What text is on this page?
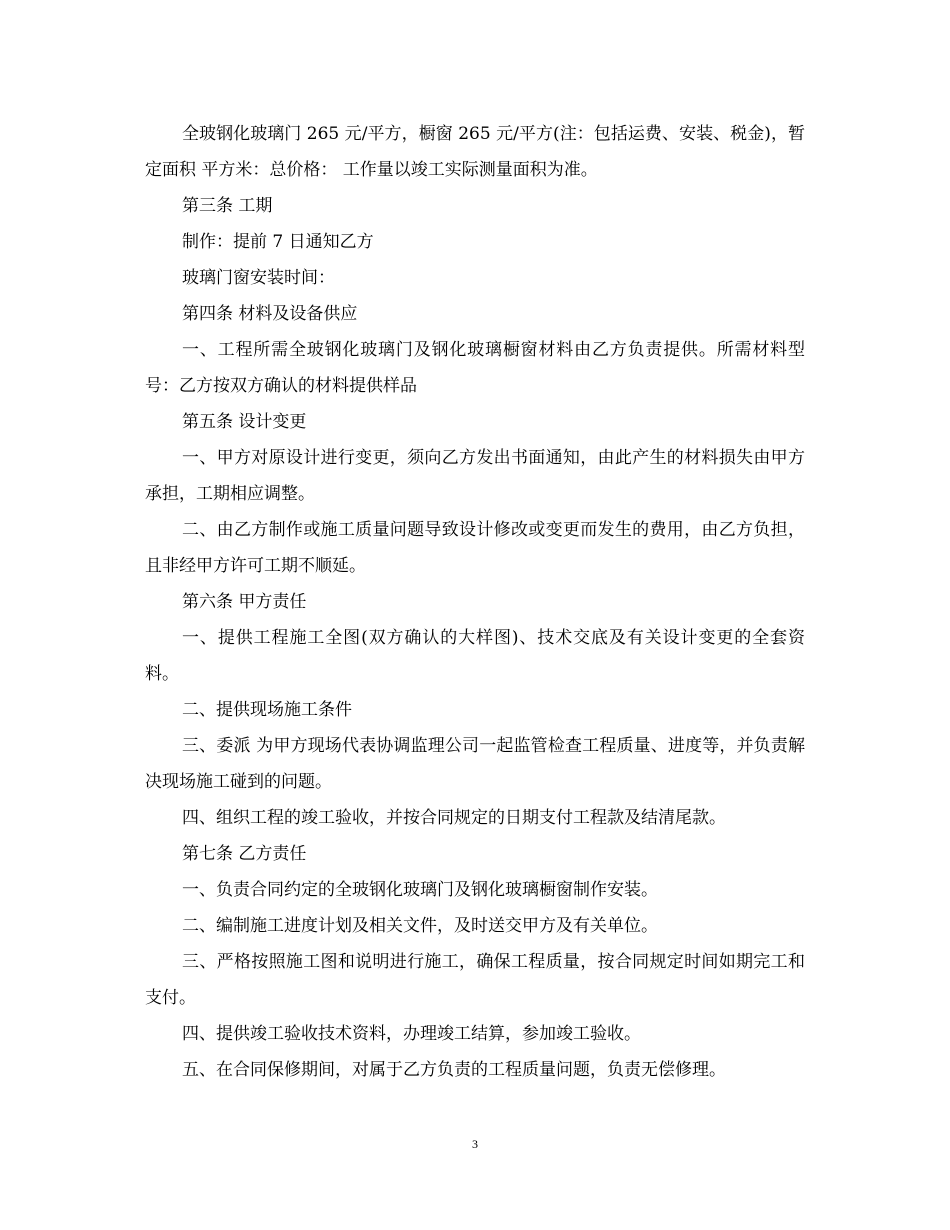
全玻钢化玻璃门 265 元/平方，橱窗 265 元/平方(注：包括运费、安装、税金)，暂定面积 平方米：总价格： 工作量以竣工实际测量面积为准。

第三条 工期

制作：提前 7 日通知乙方

玻璃门窗安装时间：

第四条 材料及设备供应

一、工程所需全玻钢化玻璃门及钢化玻璃橱窗材料由乙方负责提供。所需材料型号：乙方按双方确认的材料提供样品

第五条 设计变更

一、甲方对原设计进行变更，须向乙方发出书面通知，由此产生的材料损失由甲方承担，工期相应调整。

二、由乙方制作或施工质量问题导致设计修改或变更而发生的费用，由乙方负担，且非经甲方许可工期不顺延。

第六条 甲方责任

一、提供工程施工全图(双方确认的大样图)、技术交底及有关设计变更的全套资料。

二、提供现场施工条件

三、委派 为甲方现场代表协调监理公司一起监管检查工程质量、进度等，并负责解决现场施工碰到的问题。

四、组织工程的竣工验收，并按合同规定的日期支付工程款及结清尾款。

第七条 乙方责任

一、负责合同约定的全玻钢化玻璃门及钢化玻璃橱窗制作安装。

二、编制施工进度计划及相关文件，及时送交甲方及有关单位。

三、严格按照施工图和说明进行施工，确保工程质量，按合同规定时间如期完工和支付。

四、提供竣工验收技术资料，办理竣工结算，参加竣工验收。

五、在合同保修期间，对属于乙方负责的工程质量问题，负责无偿修理。

3
